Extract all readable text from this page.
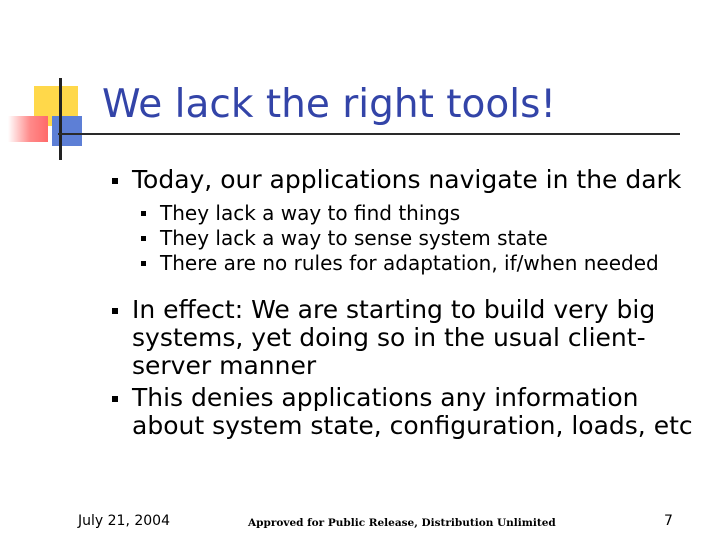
We lack the right tools!
Today, our applications navigate in the dark
They lack a way to find things
They lack a way to sense system state
There are no rules for adaptation, if/when needed
In effect: We are starting to build very big systems, yet doing so in the usual client-server manner
This denies applications any information about system state, configuration, loads, etc
July 21, 2004	Approved for Public Release, Distribution Unlimited	7
